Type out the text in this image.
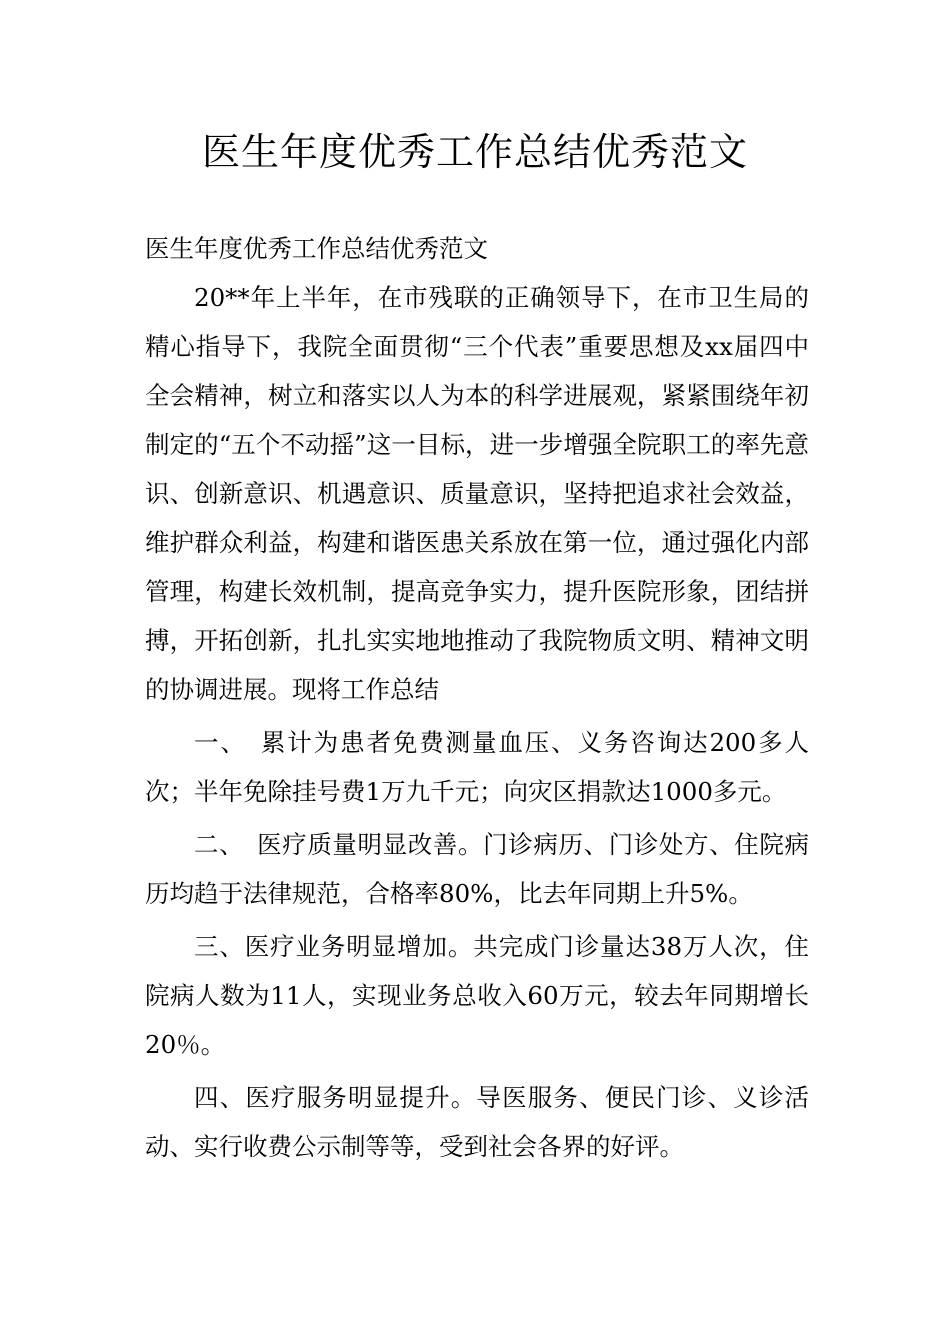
医生年度优秀工作总结优秀范文

医生年度优秀工作总结优秀范文

20**年上半年，在市残联的正确领导下，在市卫生局的精心指导下，我院全面贯彻“三个代表”重要思想及xx届四中全会精神，树立和落实以人为本的科学进展观，紧紧围绕年初制定的“五个不动摇”这一目标，进一步增强全院职工的率先意识、创新意识、机遇意识、质量意识，坚持把追求社会效益，维护群众利益，构建和谐医患关系放在第一位，通过强化内部管理，构建长效机制，提高竞争实力，提升医院形象，团结拼搏，开拓创新，扎扎实实地地推动了我院物质文明、精神文明的协调进展。现将工作总结

一、　累计为患者免费测量血压、义务咨询达200多人次；半年免除挂号费1万九千元；向灾区捐款达1000多元。

二、　医疗质量明显改善。门诊病历、门诊处方、住院病历均趋于法律规范，合格率80%，比去年同期上升5%。

三、医疗业务明显增加。共完成门诊量达38万人次，住院病人数为11人，实现业务总收入60万元，较去年同期增长20％。

四、医疗服务明显提升。导医服务、便民门诊、义诊活动、实行收费公示制等等，受到社会各界的好评。
